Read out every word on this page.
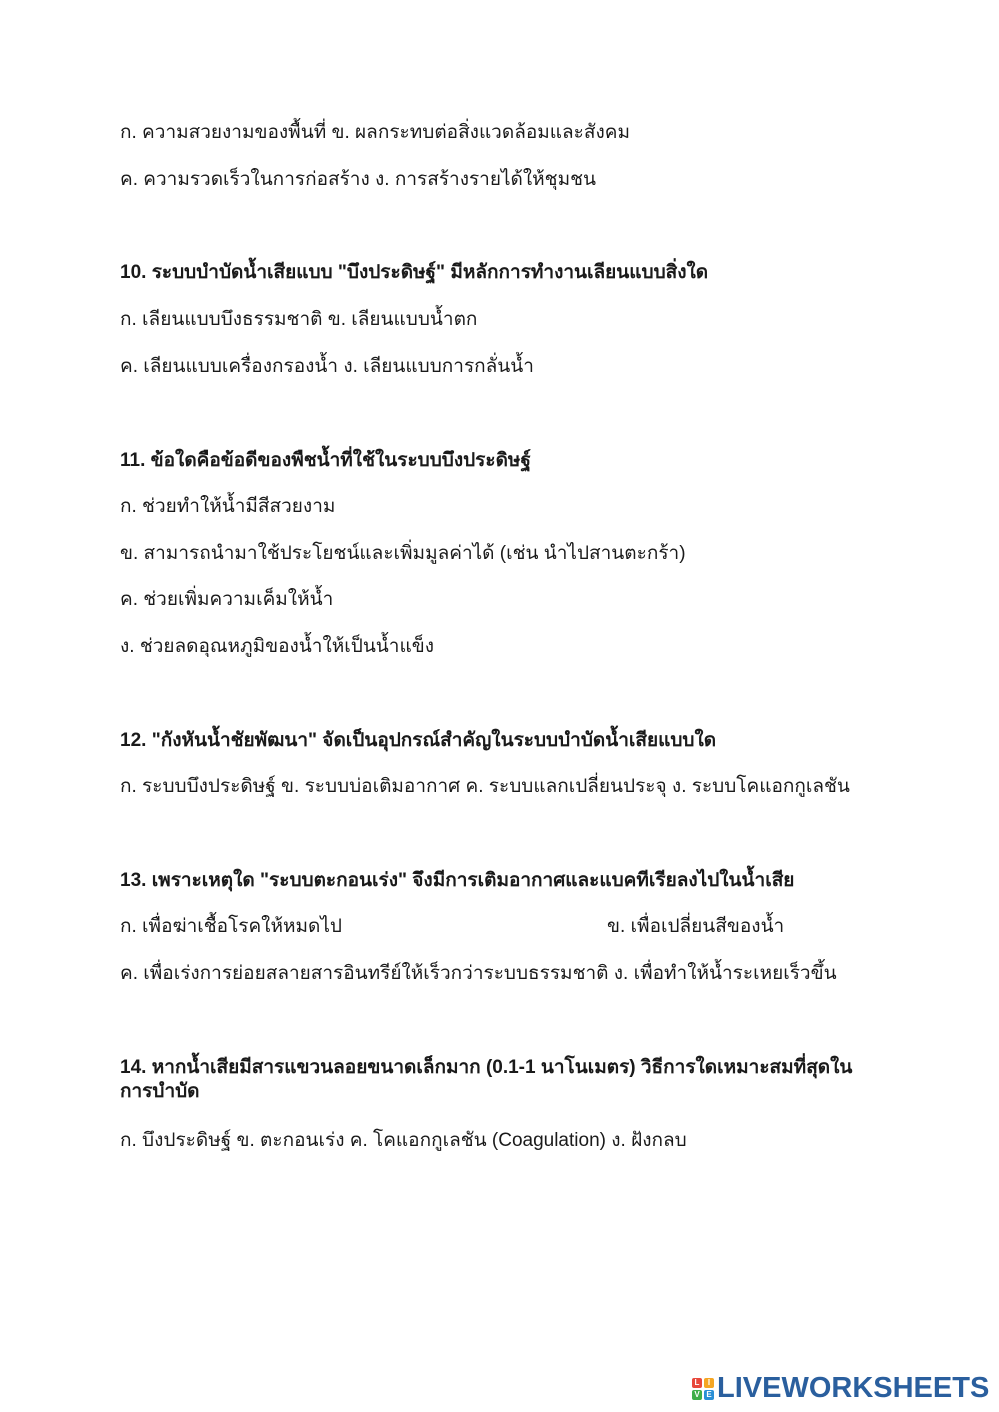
ก. ความสวยงามของพื้นที่ ข. ผลกระทบต่อสิ่งแวดล้อมและสังคม
ค. ความรวดเร็วในการก่อสร้าง ง. การสร้างรายได้ให้ชุมชน
10. ระบบบำบัดน้ำเสียแบบ "บึงประดิษฐ์" มีหลักการทำงานเลียนแบบสิ่งใด
ก. เลียนแบบบึงธรรมชาติ ข. เลียนแบบน้ำตก
ค. เลียนแบบเครื่องกรองน้ำ ง. เลียนแบบการกลั่นน้ำ
11. ข้อใดคือข้อดีของพืชน้ำที่ใช้ในระบบบึงประดิษฐ์
ก. ช่วยทำให้น้ำมีสีสวยงาม
ข. สามารถนำมาใช้ประโยชน์และเพิ่มมูลค่าได้ (เช่น นำไปสานตะกร้า)
ค. ช่วยเพิ่มความเค็มให้น้ำ
ง. ช่วยลดอุณหภูมิของน้ำให้เป็นน้ำแข็ง
12. "กังหันน้ำชัยพัฒนา" จัดเป็นอุปกรณ์สำคัญในระบบบำบัดน้ำเสียแบบใด
ก. ระบบบึงประดิษฐ์ ข. ระบบบ่อเติมอากาศ ค. ระบบแลกเปลี่ยนประจุ ง. ระบบโคแอกกูเลชัน
13. เพราะเหตุใด "ระบบตะกอนเร่ง" จึงมีการเติมอากาศและแบคทีเรียลงไปในน้ำเสีย
ก. เพื่อฆ่าเชื้อโรคให้หมดไป	ข. เพื่อเปลี่ยนสีของน้ำ
ค. เพื่อเร่งการย่อยสลายสารอินทรีย์ให้เร็วกว่าระบบธรรมชาติ ง. เพื่อทำให้น้ำระเหยเร็วขึ้น
14. หากน้ำเสียมีสารแขวนลอยขนาดเล็กมาก (0.1-1 นาโนเมตร) วิธีการใดเหมาะสมที่สุดในการบำบัด
ก. บึงประดิษฐ์ ข. ตะกอนเร่ง ค. โคแอกกูเลชัน (Coagulation) ง. ฝังกลบ
L	I
V E LIVEWORKSHEETS
